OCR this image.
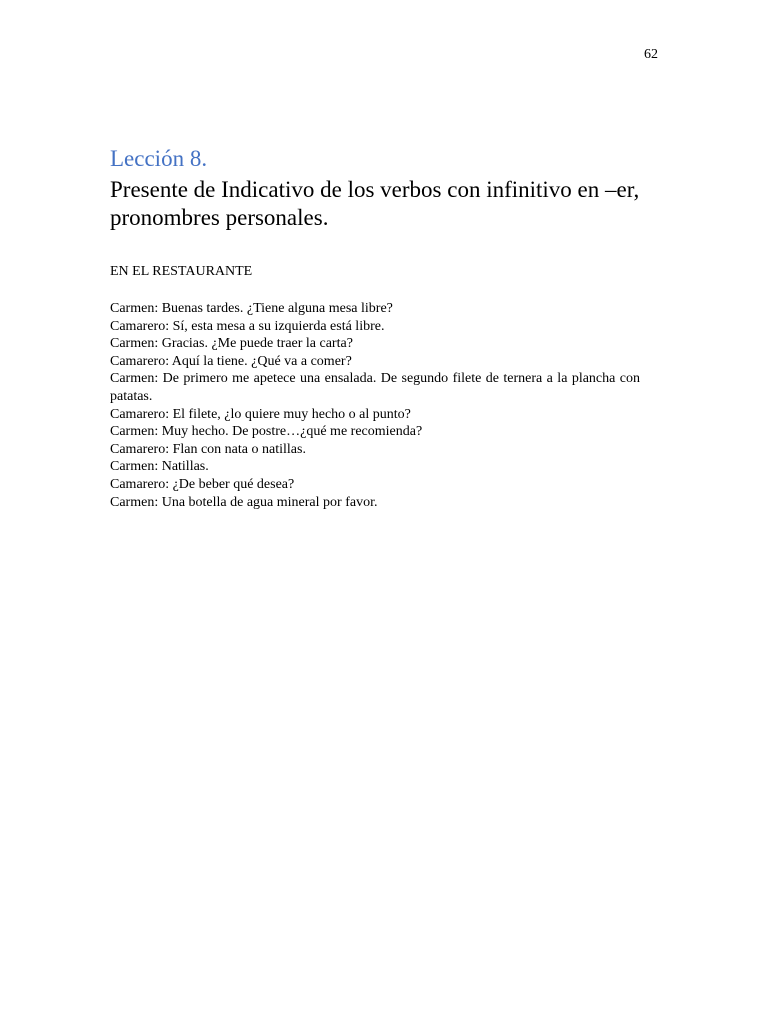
62
Lección 8.
Presente de Indicativo de los verbos con infinitivo en –er, pronombres personales.
EN EL RESTAURANTE
Carmen: Buenas tardes. ¿Tiene alguna mesa libre?
Camarero: Sí, esta mesa a su izquierda está libre.
Carmen: Gracias. ¿Me puede traer la carta?
Camarero: Aquí la tiene. ¿Qué va a comer?
Carmen: De primero me apetece una ensalada. De segundo filete de ternera a la plancha con patatas.
Camarero: El filete, ¿lo quiere muy hecho o al punto?
Carmen: Muy hecho. De postre…¿qué me recomienda?
Camarero: Flan con nata o natillas.
Carmen: Natillas.
Camarero: ¿De beber qué desea?
Carmen: Una botella de agua mineral por favor.
